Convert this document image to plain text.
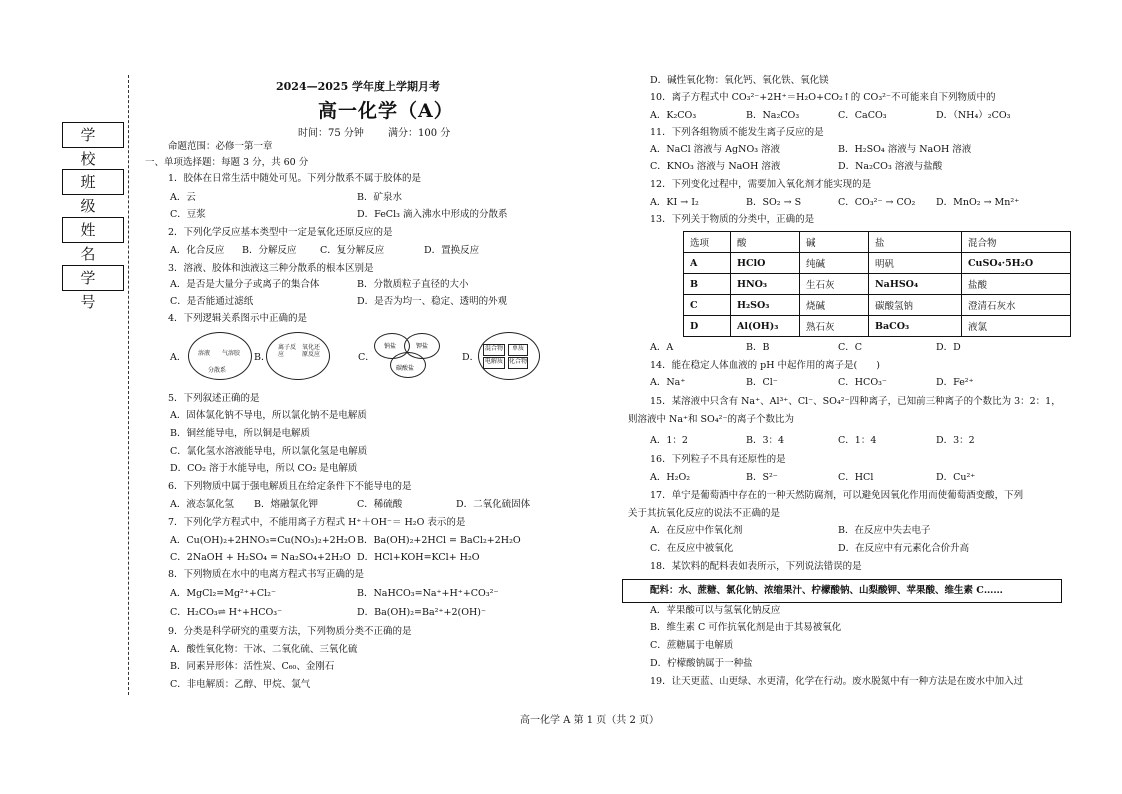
学 校
班 级
姓 名
学 号
2024—2025 学年度上学期月考
高一化学（A）
时间：75 分钟 满分：100 分
命题范围：必修一第一章
一、单项选择题：每题 3 分，共 60 分
1．胶体在日常生活中随处可见。下列分散系不属于胶体的是
A．云	B．矿泉水
C．豆浆	D．FeCl₃ 滴入沸水中形成的分散系
2．下列化学反应基本类型中一定是氧化还原反应的是
A．化合反应 B．分解反应 C．复分解反应	D．置换反应
3．溶液、胶体和浊液这三种分散系的根本区别是
A．是否是大量分子或离子的集合体	B．分散质粒子直径的大小
C．是否能通过滤纸	D．是否为均一、稳定、透明的外观
4．下列逻辑关系图示中正确的是
A． 溶液 气溶胶
分散系
B．
离子反应
氧化还原反应	C．
钠盐	钾盐
碳酸盐
D．
混合物	单质
电解质	化合物
5．下列叙述正确的是
A．固体氯化钠不导电，所以氯化钠不是电解质
B．铜丝能导电，所以铜是电解质
C．氯化氢水溶液能导电，所以氯化氢是电解质
D．CO₂ 溶于水能导电，所以 CO₂ 是电解质
6．下列物质中属于强电解质且在给定条件下不能导电的是
A．液态氯化氢 B．熔融氯化钾	C．稀硫酸	D．二氧化硫固体
7．下列化学方程式中，不能用离子方程式 H⁺＋OH⁻＝ H₂O 表示的是
A．Cu(OH)₂+2HNO₃=Cu(NO₃)₂+2H₂O B．Ba(OH)₂+2HCl = BaCl₂+2H₂O
C．2NaOH + H₂SO₄ = Na₂SO₄+2H₂O D．HCl+KOH=KCl+ H₂O
8．下列物质在水中的电离方程式书写正确的是
A．MgCl₂=Mg²⁺+Cl₂⁻	B．NaHCO₃=Na⁺+H⁺+CO₃²⁻
C．H₂CO₃⇌ H⁺+HCO₃⁻	D．Ba(OH)₂=Ba²⁺+2(OH)⁻
9．分类是科学研究的重要方法，下列物质分类不正确的是
A．酸性氧化物：干冰、二氧化硫、三氧化硫
B．同素异形体：活性炭、C₆₀、金刚石
C．非电解质：乙醇、甲烷、氯气
D．碱性氧化物：氧化钙、氧化铁、氧化镁
10．离子方程式中 CO₃²⁻+2H⁺＝H₂O+CO₂↑的 CO₃²⁻不可能来自下列物质中的
A．K₂CO₃	B．Na₂CO₃	C．CaCO₃	D．（NH₄）₂CO₃
11．下列各组物质不能发生离子反应的是
A．NaCl 溶液与 AgNO₃ 溶液	B．H₂SO₄ 溶液与 NaOH 溶液
C．KNO₃ 溶液与 NaOH 溶液	D．Na₂CO₃ 溶液与盐酸
12．下列变化过程中，需要加入氧化剂才能实现的是
A．KI → I₂	B．SO₂ → S	C．CO₃²⁻ → CO₂ D．MnO₂ → Mn²⁺
13．下列关于物质的分类中，正确的是
选项	酸	碱	盐	混合物
A	HClO	纯碱	明矾	CuSO₄·5H₂O
B	HNO₃	生石灰	NaHSO₄	盐酸
C	H₂SO₃	烧碱	碳酸氢钠	澄清石灰水
D	Al(OH)₃	熟石灰	BaCO₃	液氯
A．A	B．B	C．C	D．D
14．能在稳定人体血液的 pH 中起作用的离子是(　　)
A．Na⁺	B．Cl⁻	C．HCO₃⁻	D．Fe²⁺
15．某溶液中只含有 Na⁺、Al³⁺、Cl⁻、SO₄²⁻四种离子，已知前三种离子的个数比为 3：2：1，
则溶液中 Na⁺和 SO₄²⁻的离子个数比为
A．1：2	B．3：4	C．1：4	D．3：2
16．下列粒子不具有还原性的是
A．H₂O₂	B．S²⁻	C．HCl	D．Cu²⁺
17．单宁是葡萄酒中存在的一种天然防腐剂，可以避免因氧化作用而使葡萄酒变酸，下列
关于其抗氧化反应的说法不正确的是
A．在反应中作氧化剂	B．在反应中失去电子
C．在反应中被氧化	D．在反应中有元素化合价升高
18．某饮料的配料表如表所示，下列说法错误的是
配料：水、蔗糖、氯化钠、浓缩果汁、柠檬酸钠、山梨酸钾、苹果酸、维生素 C……
A．苹果酸可以与氢氧化钠反应
B．维生素 C 可作抗氧化剂是由于其易被氧化
C．蔗糖属于电解质
D．柠檬酸钠属于一种盐
19．让天更蓝、山更绿、水更清，化学在行动。废水脱氮中有一种方法是在废水中加入过
高一化学 A 第 1 页（共 2 页）
